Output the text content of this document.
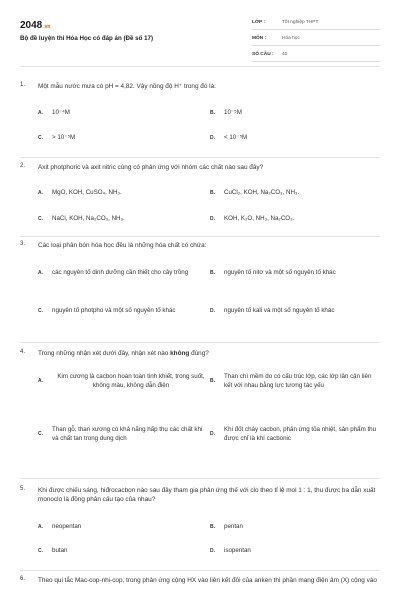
2048.vn
Bộ đề luyện thi Hóa Học có đáp án (Đề số 17)
LỚP :	Tốt nghiệp THPT
MÔN :	Hóa học
SỐ CÂU :	40
1. Một mẫu nước mưa có pH = 4,82. Vậy nồng độ H⁺ trong đó là:
A.	10⁻⁴M	B.	10⁻⁵M
C.	> 10⁻⁵M	D.	< 10⁻⁵M
2. Axit photphoric và axit nitric cùng có phản ứng với nhóm các chất nào sau đây?
A.	MgO, KOH, CuSO₄, NH₃.	B.	CuCl₂, KOH, Na₂CO₃, NH₃.
C.	NaCl, KOH, Na₂CO₃, NH₃.	D.	KOH, K₂O, NH₃, Na₂CO₃.
3. Các loại phân bón hóa học đều là những hóa chất có chứa:
A.	các nguyên tố dinh dưỡng cần thiết cho cây trồng	B.	nguyên tố nitơ và một số nguyên tố khác
C.	nguyên tố photpho và một số nguyên tố khác	D.	nguyên tố kali và một số nguyên tố khác
4. Trong những nhận xét dưới đây, nhận xét nào không đúng?
A.
Kim cương là cacbon hoàn toàn tinh khiết, trong suốt, không màu, không dẫn điện
B.
Than chì mềm do có cấu trúc lớp, các lớp lân cận liên kết với nhau bằng lực tương tác yếu
C.
Than gỗ, than xương có khả năng hấp thụ các chất khí và chất tan trong dung dịch
D.
Khi đốt cháy cacbon, phản ứng tỏa nhiệt, sản phẩm thu được chỉ là khí cacbonic
5. Khi được chiếu sáng, hiđrocacbon nào sau đây tham gia phản ứng thế với clo theo tỉ lệ mol 1 : 1, thu được ba dẫn xuất monoclo là đồng phân cấu tạo của nhau?
A.	neopentan	B.	pentan
C.	butan	D.	isopentan
6. Theo qui tắc Mac-cop-nhi-cop, trong phản ứng cộng HX vào liên kết đôi của anken thì phần mang điện âm (X) cộng vào
